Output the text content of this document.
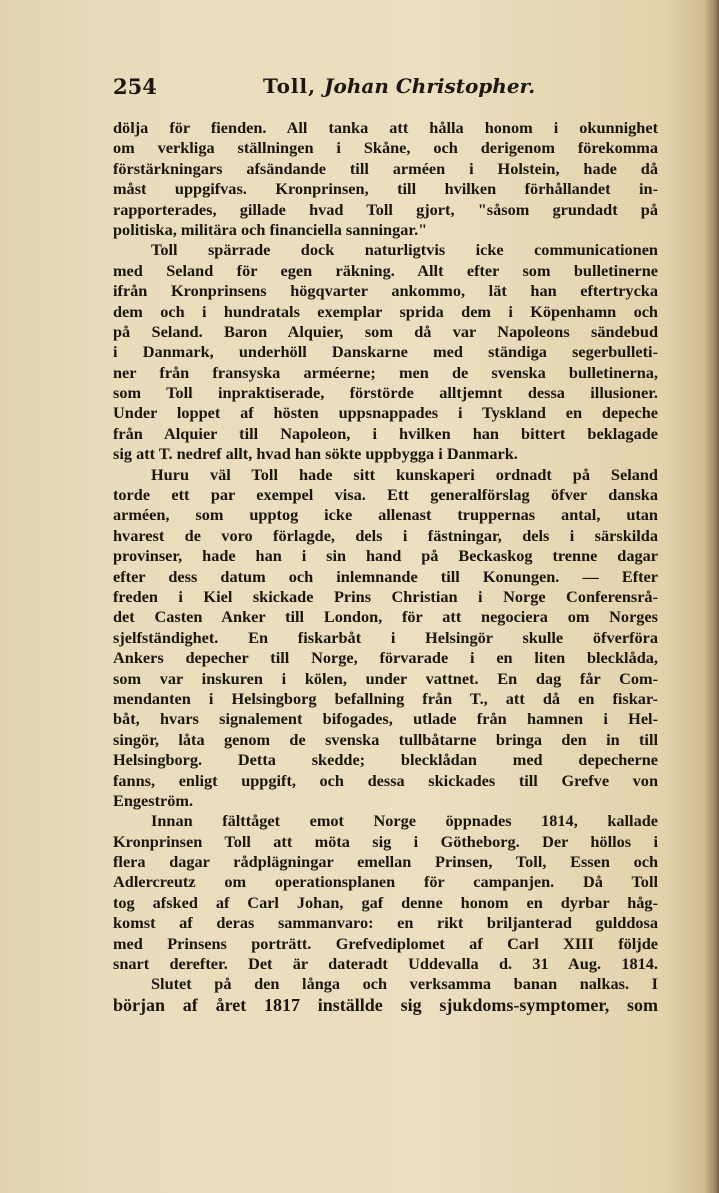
254	Toll, Johan Christopher.
dölja för fienden. All tanka att hålla honom i okunnighet
om verkliga ställningen i Skåne, och derigenom förekomma
förstärkningars afsändande till arméen i Holstein, hade då
måst uppgifvas. Kronprinsen, till hvilken förhållandet in-
rapporterades, gillade hvad Toll gjort, "såsom grundadt på
politiska, militära och financiella sanningar."
Toll spärrade dock naturligtvis icke communicationen
med Seland för egen räkning. Allt efter som bulletinerne
ifrån Kronprinsens högqvarter ankommo, lät han eftertrycka
dem och i hundratals exemplar sprida dem i Köpenhamn och
på Seland. Baron Alquier, som då var Napoleons sändebud
i Danmark, underhöll Danskarne med ständiga segerbulleti-
ner från fransyska arméerne; men de svenska bulletinerna,
som Toll inpraktiserade, förstörde alltjemnt dessa illusioner.
Under loppet af hösten uppsnappades i Tyskland en depeche
från Alquier till Napoleon, i hvilken han bittert beklagade
sig att T. nedref allt, hvad han sökte uppbygga i Danmark.
Huru väl Toll hade sitt kunskaperi ordnadt på Seland
torde ett par exempel visa. Ett generalförslag öfver danska
arméen, som upptog icke allenast truppernas antal, utan
hvarest de voro förlagde, dels i fästningar, dels i särskilda
provinser, hade han i sin hand på Beckaskog trenne dagar
efter dess datum och inlemnande till Konungen. — Efter
freden i Kiel skickade Prins Christian i Norge Conferensrå-
det Casten Anker till London, för att negociera om Norges
sjelfständighet. En fiskarbåt i Helsingör skulle öfverföra
Ankers depecher till Norge, förvarade i en liten blecklåda,
som var inskuren i kölen, under vattnet. En dag får Com-
mendanten i Helsingborg befallning från T., att då en fiskar-
båt, hvars signalement bifogades, utlade från hamnen i Hel-
singör, låta genom de svenska tullbåtarne bringa den in till
Helsingborg. Detta skedde; blecklådan med depecherne
fanns, enligt uppgift, och dessa skickades till Grefve von
Engeström.
Innan fälttåget emot Norge öppnades 1814, kallade
Kronprinsen Toll att möta sig i Götheborg. Der höllos i
flera dagar rådplägningar emellan Prinsen, Toll, Essen och
Adlercreutz om operationsplanen för campanjen. Då Toll
tog afsked af Carl Johan, gaf denne honom en dyrbar håg-
komst af deras sammanvaro: en rikt briljanterad gulddosa
med Prinsens porträtt. Grefvediplomet af Carl XIII följde
snart derefter. Det är dateradt Uddevalla d. 31 Aug. 1814.
Slutet på den långa och verksamma banan nalkas. I
början af året 1817 inställde sig sjukdoms-symptomer, som
